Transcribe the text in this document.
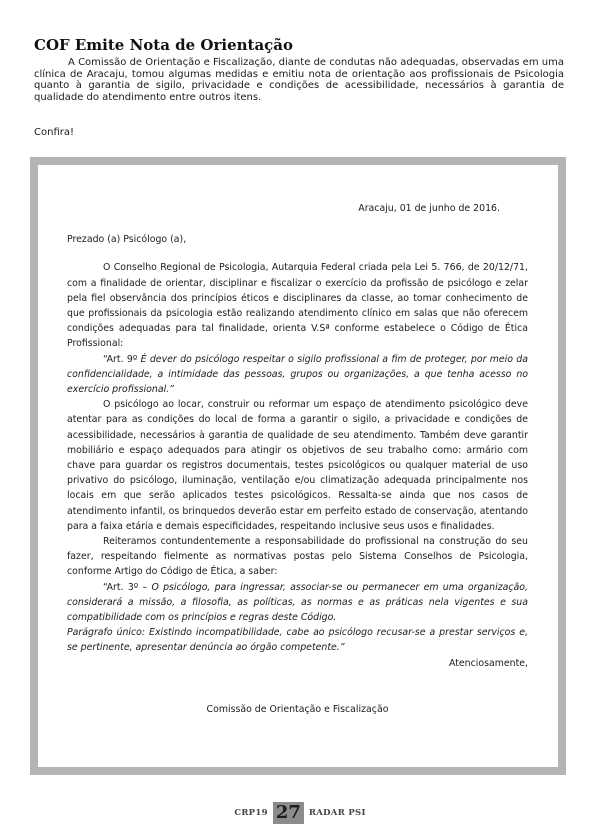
COF Emite Nota de Orientação

A Comissão de Orientação e Fiscalização, diante de condutas não adequadas, observadas em uma clínica de Aracaju, tomou algumas medidas e emitiu nota de orientação aos profissionais de Psicologia quanto à garantia de sigilo, privacidade e condições de acessibilidade, necessários à garantia de qualidade do atendimento entre outros itens.

Confira!

Aracaju, 01 de junho de 2016.

Prezado (a) Psicólogo (a),

O Conselho Regional de Psicologia, Autarquia Federal criada pela Lei 5. 766, de 20/12/71, com a finalidade de orientar, disciplinar e fiscalizar o exercício da profissão de psicólogo e zelar pela fiel observância dos princípios éticos e disciplinares da classe, ao tomar conhecimento de que profissionais da psicologia estão realizando atendimento clínico em salas que não oferecem condições adequadas para tal finalidade, orienta V.Sª conforme estabelece o Código de Ética Profissional:

“Art. 9º É dever do psicólogo respeitar o sigilo profissional a fim de proteger, por meio da confidencialidade, a intimidade das pessoas, grupos ou organizações, a que tenha acesso no exercício profissional.”

O psicólogo ao locar, construir ou reformar um espaço de atendimento psicológico deve atentar para as condições do local de forma a garantir o sigilo, a privacidade e condições de acessibilidade, necessários à garantia de qualidade de seu atendimento. Também deve garantir mobiliário e espaço adequados para atingir os objetivos de seu trabalho como: armário com chave para guardar os registros documentais, testes psicológicos ou qualquer material de uso privativo do psicólogo, iluminação, ventilação e/ou climatização adequada principalmente nos locais em que serão aplicados testes psicológicos. Ressalta-se ainda que nos casos de atendimento infantil, os brinquedos deverão estar em perfeito estado de conservação, atentando para a faixa etária e demais especificidades, respeitando inclusive seus usos e finalidades.

Reiteramos contundentemente a responsabilidade do profissional na construção do seu fazer, respeitando fielmente as normativas postas pelo Sistema Conselhos de Psicologia, conforme Artigo do Código de Ética, a saber:

“Art. 3º – O psicólogo, para ingressar, associar-se ou permanecer em uma organização, considerará a missão, a filosofia, as políticas, as normas e as práticas nela vigentes e sua compatibilidade com os princípios e regras deste Código.

Parágrafo único: Existindo incompatibilidade, cabe ao psicólogo recusar-se a prestar serviços e, se pertinente, apresentar denúncia ao órgão competente.”

Atenciosamente,

Comissão de Orientação e Fiscalização

CRP19 27 RADAR PSI
